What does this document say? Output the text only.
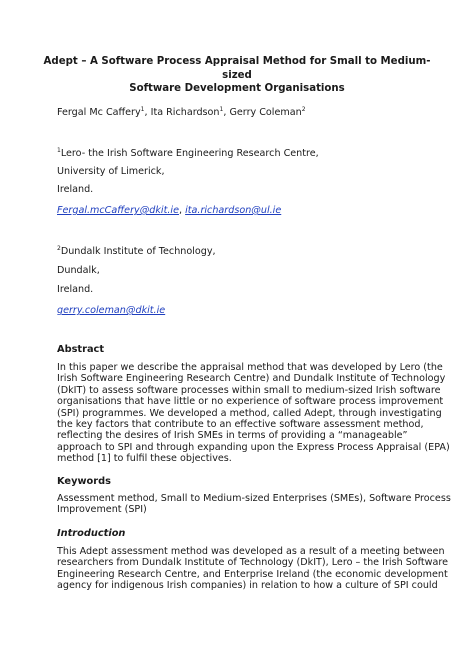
Adept – A Software Process Appraisal Method for Small to Medium-sized
Software Development Organisations

Fergal Mc Caffery$^1$, Ita Richardson$^1$, Gerry Coleman$^2$

$^1$Lero- the Irish Software Engineering Research Centre,

University of Limerick,

Ireland.

Fergal.mcCaffery@dkit.ie, ita.richardson@ul.ie

$^2$Dundalk Institute of Technology,

Dundalk,

Ireland.

gerry.coleman@dkit.ie

Abstract

In this paper we describe the appraisal method that was developed by Lero (the
Irish Software Engineering Research Centre) and Dundalk Institute of Technology
(DkIT) to assess software processes within small to medium-sized Irish software
organisations that have little or no experience of software process improvement
(SPI) programmes. We developed a method, called Adept, through investigating
the key factors that contribute to an effective software assessment method,
reflecting the desires of Irish SMEs in terms of providing a “manageable”
approach to SPI and through expanding upon the Express Process Appraisal (EPA)
method [1] to fulfil these objectives.

Keywords

Assessment method, Small to Medium-sized Enterprises (SMEs), Software Process
Improvement (SPI)

Introduction

This Adept assessment method was developed as a result of a meeting between
researchers from Dundalk Institute of Technology (DkIT), Lero – the Irish Software
Engineering Research Centre, and Enterprise Ireland (the economic development
agency for indigenous Irish companies) in relation to how a culture of SPI could
